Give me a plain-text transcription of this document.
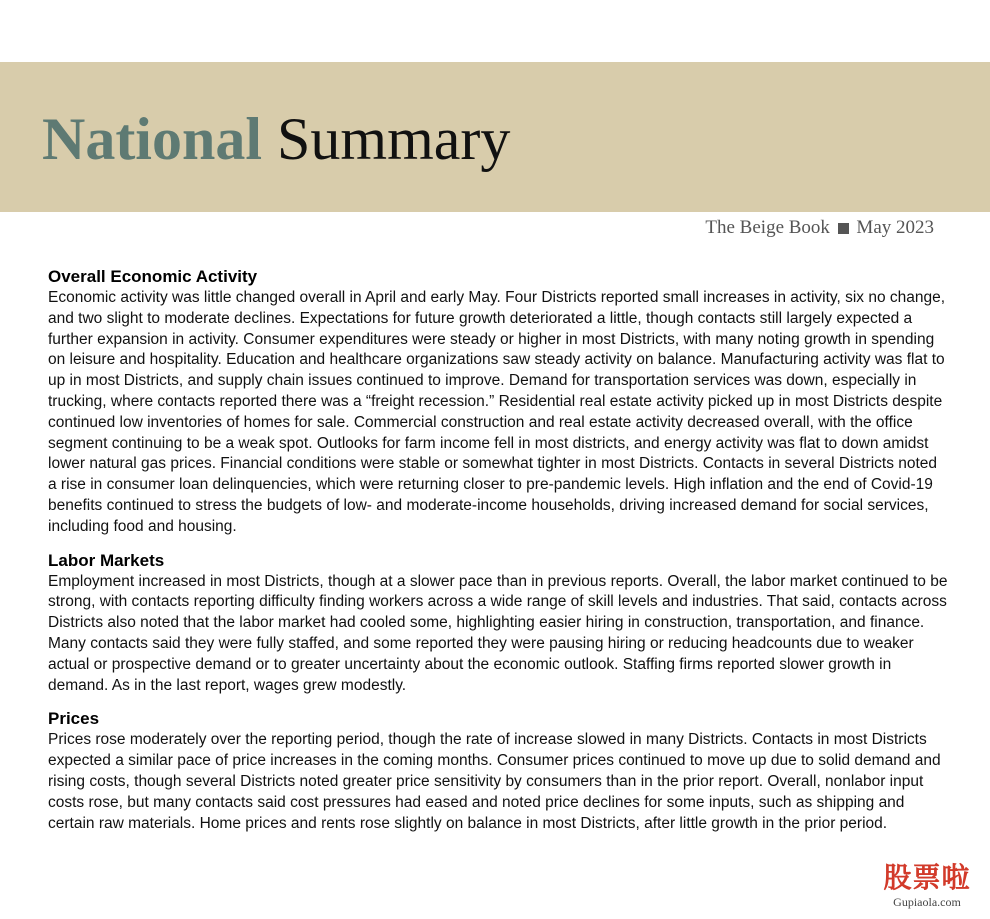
National Summary
The Beige Book May 2023
Overall Economic Activity

Economic activity was little changed overall in April and early May. Four Districts reported small increases in activity, six no change, and two slight to moderate declines. Expectations for future growth deteriorated a little, though contacts still largely expected a further expansion in activity. Consumer expenditures were steady or higher in most Districts, with many noting growth in spending on leisure and hospitality. Education and healthcare organizations saw steady activity on balance. Manufacturing activity was flat to up in most Districts, and supply chain issues continued to improve. Demand for transportation services was down, especially in trucking, where contacts reported there was a “freight recession.” Residential real estate activity picked up in most Districts despite continued low inventories of homes for sale. Commercial construction and real estate activity decreased overall, with the office segment continuing to be a weak spot. Outlooks for farm income fell in most districts, and energy activity was flat to down amidst lower natural gas prices. Financial conditions were stable or somewhat tighter in most Districts. Contacts in several Districts noted a rise in consumer loan delinquencies, which were returning closer to pre-pandemic levels. High inflation and the end of Covid-19 benefits continued to stress the budgets of low- and moderate-income households, driving increased demand for social services, including food and housing.

Labor Markets

Employment increased in most Districts, though at a slower pace than in previous reports. Overall, the labor market continued to be strong, with contacts reporting difficulty finding workers across a wide range of skill levels and industries. That said, contacts across Districts also noted that the labor market had cooled some, highlighting easier hiring in construction, transportation, and finance. Many contacts said they were fully staffed, and some reported they were pausing hiring or reducing headcounts due to weaker actual or prospective demand or to greater uncertainty about the economic outlook. Staffing firms reported slower growth in demand. As in the last report, wages grew modestly.

Prices

Prices rose moderately over the reporting period, though the rate of increase slowed in many Districts. Contacts in most Districts expected a similar pace of price increases in the coming months. Consumer prices continued to move up due to solid demand and rising costs, though several Districts noted greater price sensitivity by consumers than in the prior report. Overall, nonlabor input costs rose, but many contacts said cost pressures had eased and noted price declines for some inputs, such as shipping and certain raw materials. Home prices and rents rose slightly on balance in most Districts, after little growth in the prior period.

股票啦
Gupiaola.com
